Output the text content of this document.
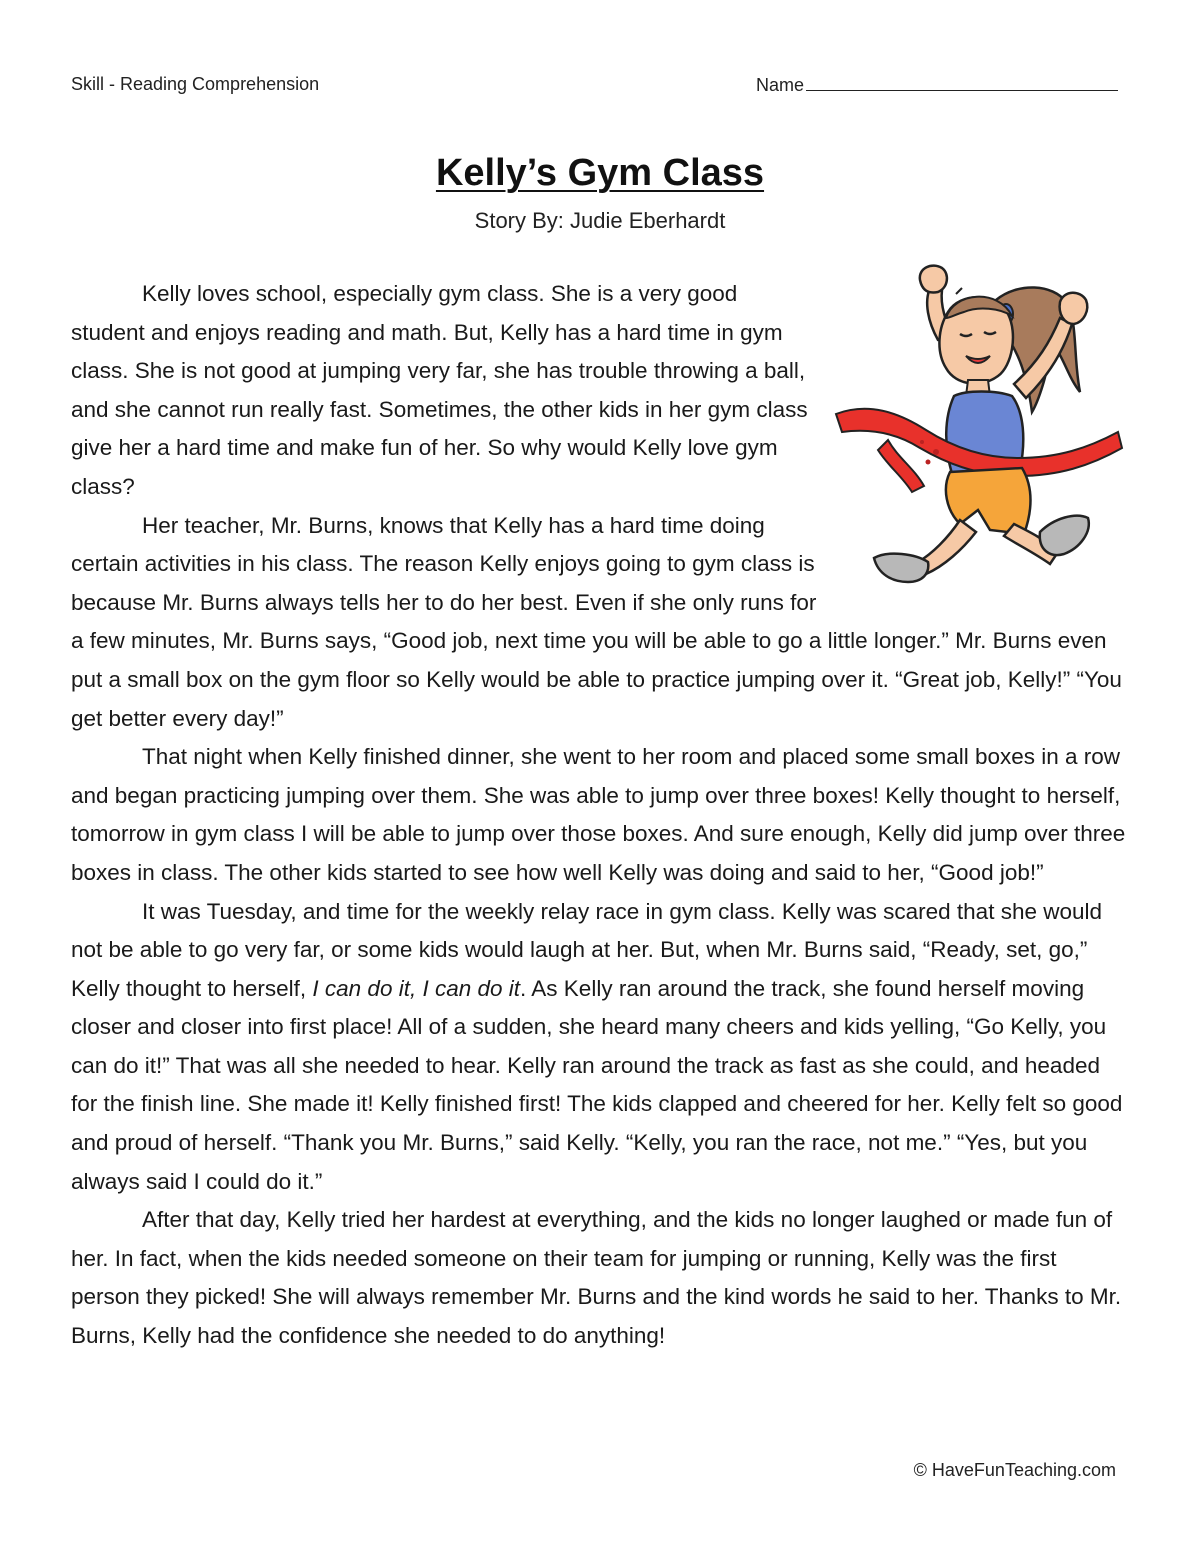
Skill - Reading Comprehension	Name
Kelly’s Gym Class
Story By: Judie Eberhardt

Kelly loves school, especially gym class. She is a very good student and enjoys reading and math. But, Kelly has a hard time in gym class. She is not good at jumping very far, she has trouble throwing a ball, and she cannot run really fast. Sometimes, the other kids in her gym class give her a hard time and make fun of her. So why would Kelly love gym class?

Her teacher, Mr. Burns, knows that Kelly has a hard time doing certain activities in his class. The reason Kelly enjoys going to gym class is because Mr. Burns always tells her to do her best. Even if she only runs for a few minutes, Mr. Burns says, “Good job, next time you will be able to go a little longer.” Mr. Burns even put a small box on the gym floor so Kelly would be able to practice jumping over it. “Great job, Kelly!” “You get better every day!”

That night when Kelly finished dinner, she went to her room and placed some small boxes in a row and began practicing jumping over them. She was able to jump over three boxes! Kelly thought to herself, tomorrow in gym class I will be able to jump over those boxes. And sure enough, Kelly did jump over three boxes in class. The other kids started to see how well Kelly was doing and said to her, “Good job!”

It was Tuesday, and time for the weekly relay race in gym class. Kelly was scared that she would not be able to go very far, or some kids would laugh at her. But, when Mr. Burns said, “Ready, set, go,” Kelly thought to herself, I can do it, I can do it. As Kelly ran around the track, she found herself moving closer and closer into first place! All of a sudden, she heard many cheers and kids yelling, “Go Kelly, you can do it!” That was all she needed to hear. Kelly ran around the track as fast as she could, and headed for the finish line. She made it! Kelly finished first! The kids clapped and cheered for her. Kelly felt so good and proud of herself. “Thank you Mr. Burns,” said Kelly. “Kelly, you ran the race, not me.” “Yes, but you always said I could do it.”

After that day, Kelly tried her hardest at everything, and the kids no longer laughed or made fun of her. In fact, when the kids needed someone on their team for jumping or running, Kelly was the first person they picked! She will always remember Mr. Burns and the kind words he said to her. Thanks to Mr. Burns, Kelly had the confidence she needed to do anything!

© HaveFunTeaching.com
